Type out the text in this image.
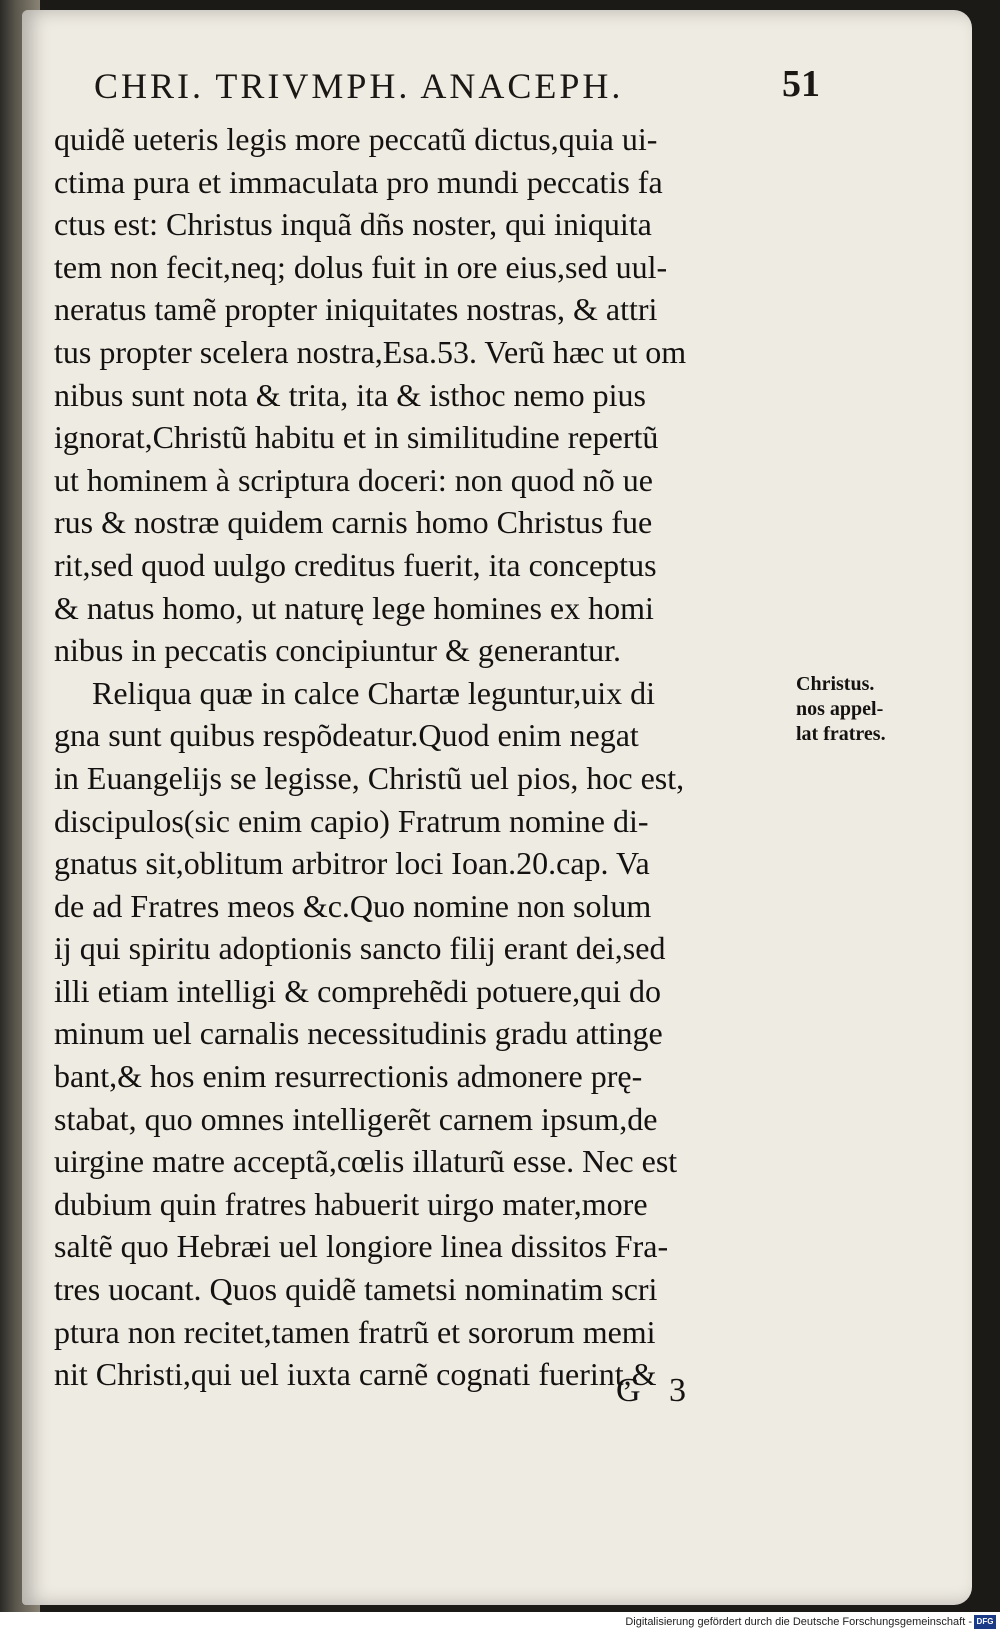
CHRI. TRIVMPH. ANACEPH.	51
quidẽ ueteris legis more peccatũ dictus,quia ui-
ctima pura et immaculata pro mundi peccatis fa
ctus est: Christus inquã dñs noster, qui iniquita
tem non fecit,neq; dolus fuit in ore eius,sed uul-
neratus tamẽ propter iniquitates nostras, & attri
tus propter scelera nostra,Esa.53. Verũ hæc ut om
nibus sunt nota & trita, ita & isthoc nemo pius
ignorat,Christũ habitu et in similitudine repertũ
ut hominem à scriptura doceri: non quod nõ ue
rus & nostræ quidem carnis homo Christus fue
rit,sed quod uulgo creditus fuerit, ita conceptus
& natus homo, ut naturę lege homines ex homi
nibus in peccatis concipiuntur & generantur.
Reliqua quæ in calce Chartæ leguntur,uix di
gna sunt quibus respõdeatur.Quod enim negat
in Euangelijs se legisse, Christũ uel pios, hoc est,
discipulos(sic enim capio) Fratrum nomine di-
gnatus sit,oblitum arbitror loci Ioan.20.cap. Va
de ad Fratres meos &c.Quo nomine non solum
ij qui spiritu adoptionis sancto filij erant dei,sed
illi etiam intelligi & comprehẽdi potuere,qui do
minum uel carnalis necessitudinis gradu attinge
bant,& hos enim resurrectionis admonere prę-
stabat, quo omnes intelligerẽt carnem ipsum,de
uirgine matre acceptã,cœlis illaturũ esse. Nec est
dubium quin fratres habuerit uirgo mater,more
saltẽ quo Hebræi uel longiore linea dissitos Fra-
tres uocant. Quos quidẽ tametsi nominatim scri
ptura non recitet,tamen fratrũ et sororum memi
nit Christi,qui uel iuxta carnẽ cognati fuerint,&
Christus.
nos appel-
lat fratres.
G 3
Digitalisierung gefördert durch die Deutsche Forschungsgemeinschaft - DFG
